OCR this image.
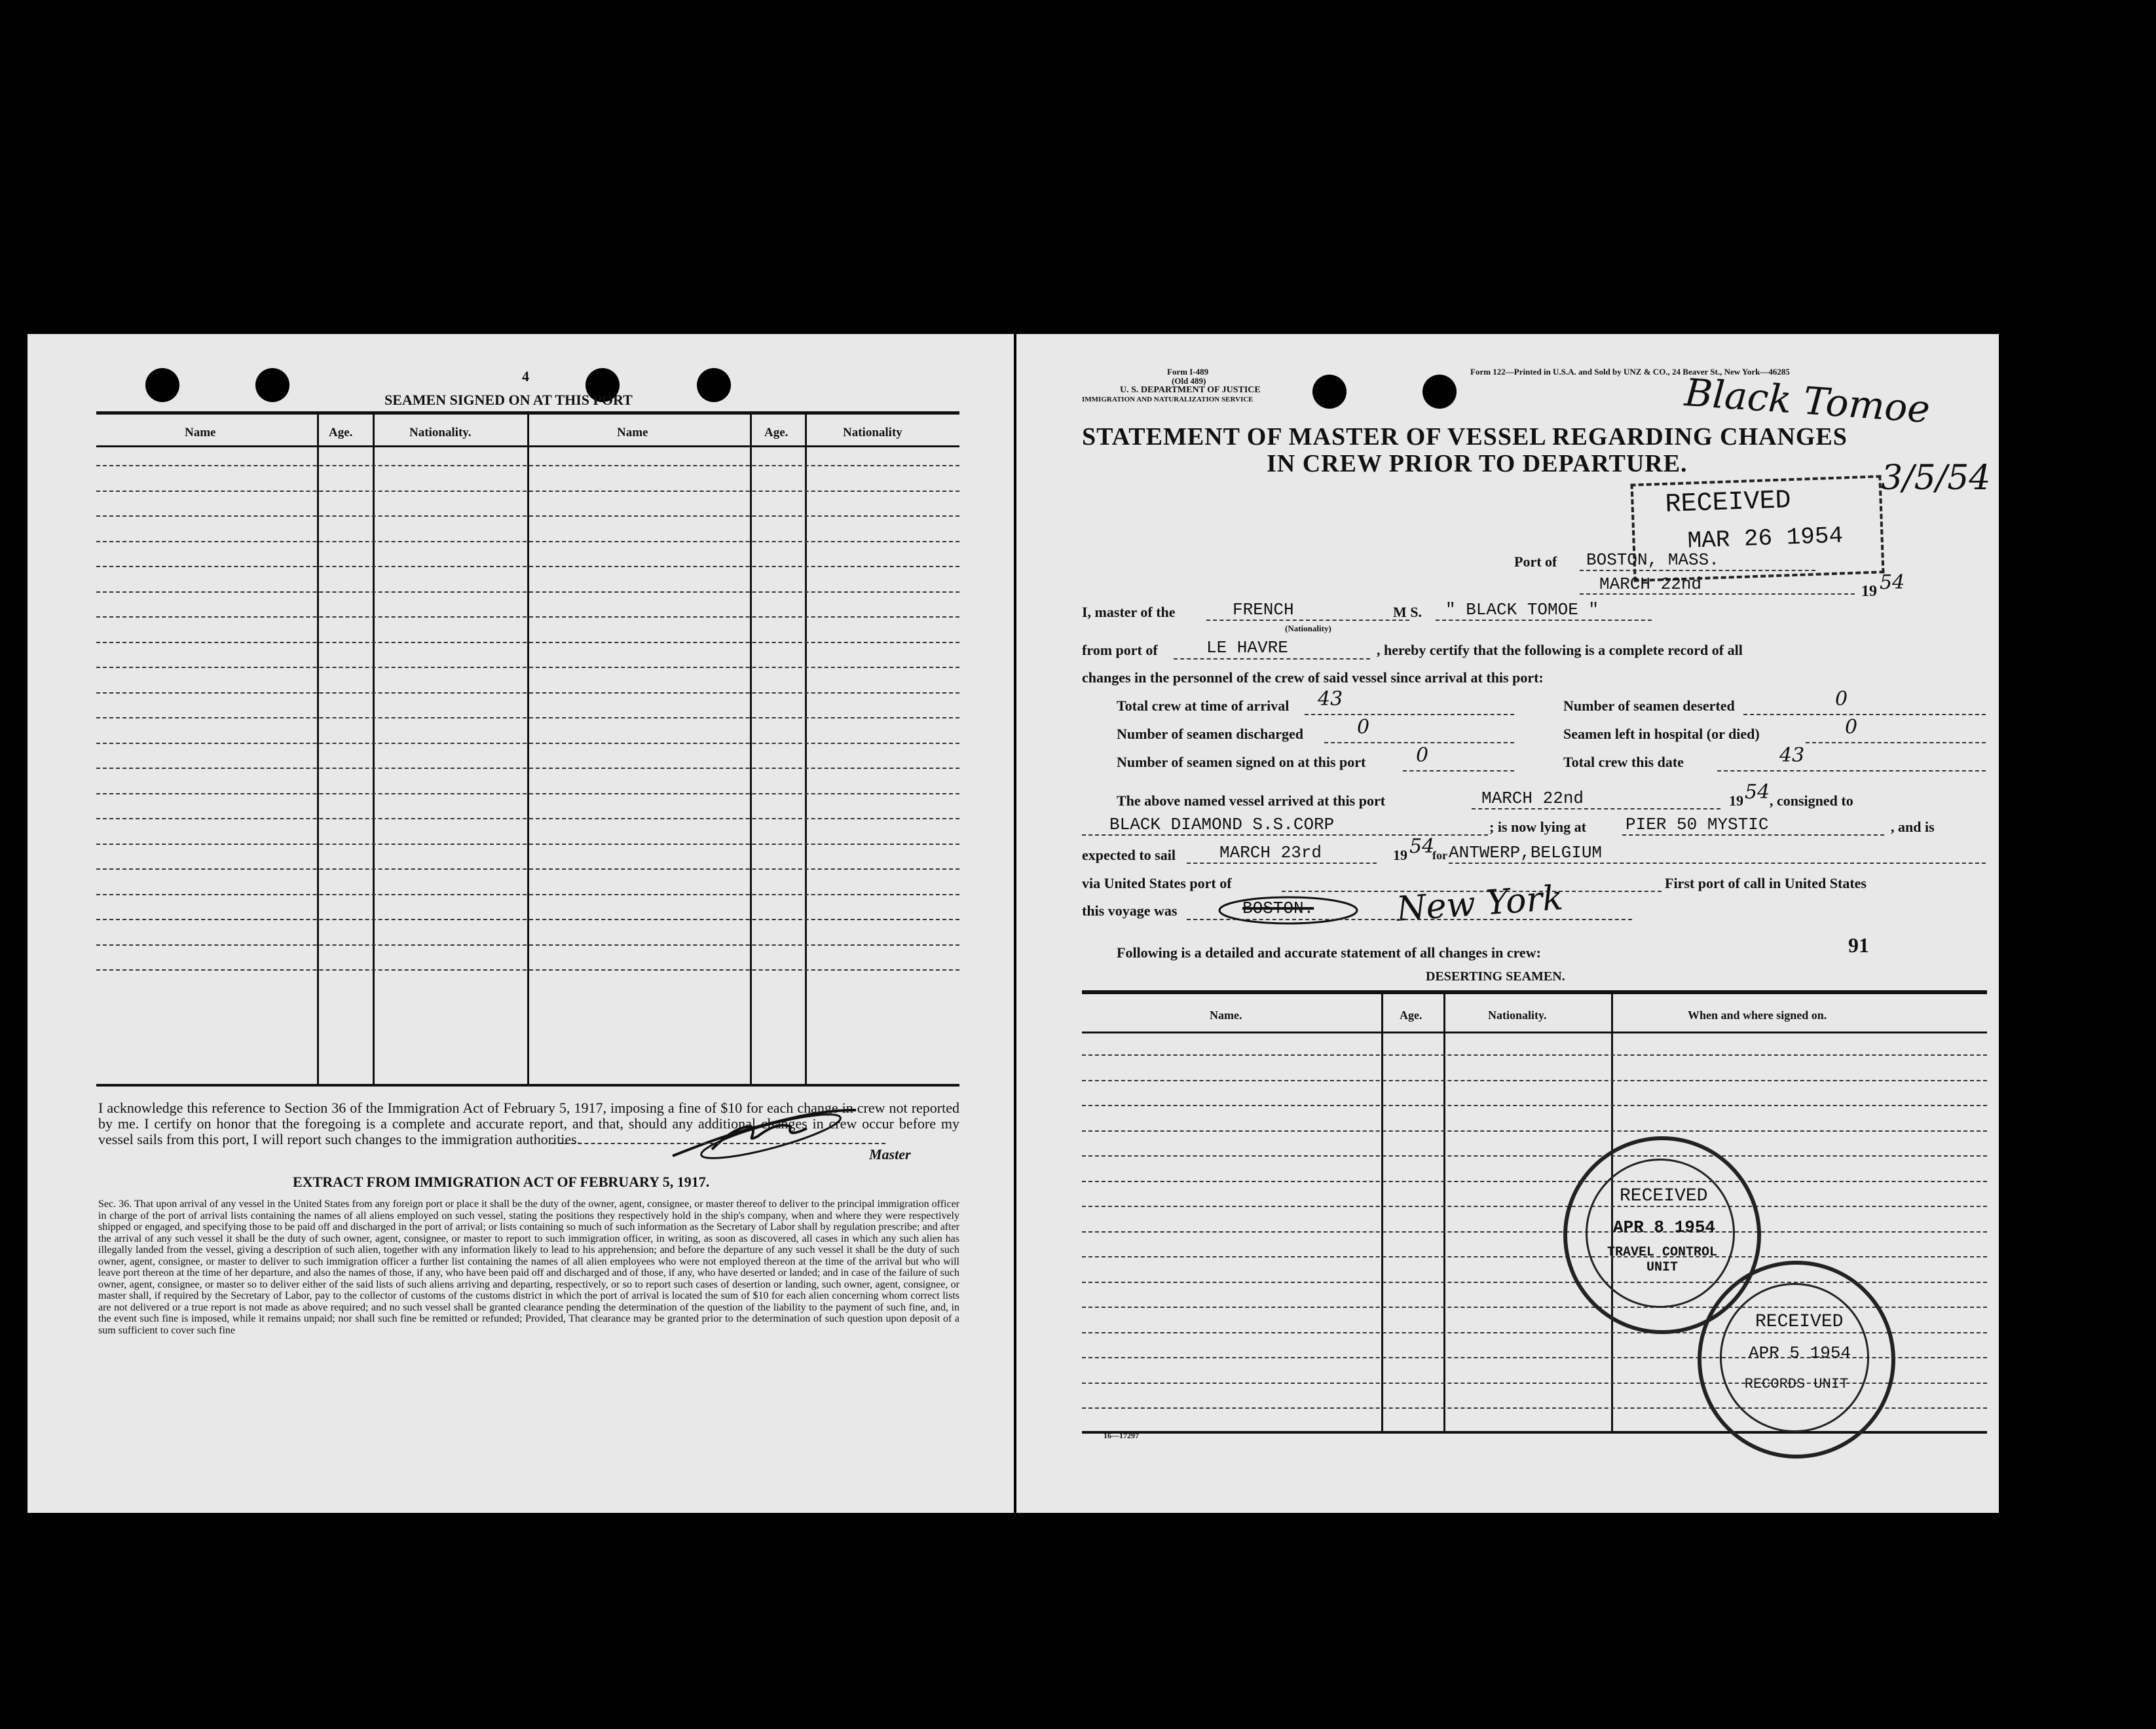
4
SEAMEN SIGNED ON AT THIS PORT
Name	Age.	Nationality.	Name	Age.	Nationality
I acknowledge this reference to Section 36 of the Immigration Act of February 5, 1917, imposing a fine of $10 for each change in crew not reported by me. I certify on honor that the foregoing is a complete and accurate report, and that, should any additional changes in crew occur before my vessel sails from this port, I will report such changes to the immigration authorities.
Master
EXTRACT FROM IMMIGRATION ACT OF FEBRUARY 5, 1917.
Sec. 36. That upon arrival of any vessel in the United States from any foreign port or place it shall be the duty of the owner, agent, consignee, or master thereof to deliver to the principal immigration officer in charge of the port of arrival lists containing the names of all aliens employed on such vessel, stating the positions they respectively hold in the ship's company, when and where they were respectively shipped or engaged, and specifying those to be paid off and discharged in the port of arrival; or lists containing so much of such information as the Secretary of Labor shall by regulation prescribe; and after the arrival of any such vessel it shall be the duty of such owner, agent, consignee, or master to report to such immigration officer, in writing, as soon as discovered, all cases in which any such alien has illegally landed from the vessel, giving a description of such alien, together with any information likely to lead to his apprehension; and before the departure of any such vessel it shall be the duty of such owner, agent, consignee, or master to deliver to such immigration officer a further list containing the names of all alien employees who were not employed thereon at the time of the arrival but who will leave port thereon at the time of her departure, and also the names of those, if any, who have been paid off and discharged and of those, if any, who have deserted or landed; and in case of the failure of such owner, agent, consignee, or master so to deliver either of the said lists of such aliens arriving and departing, respectively, or so to report such cases of desertion or landing, such owner, agent, consignee, or master shall, if required by the Secretary of Labor, pay to the collector of customs of the customs district in which the port of arrival is located the sum of $10 for each alien concerning whom correct lists are not delivered or a true report is not made as above required; and no such vessel shall be granted clearance pending the determination of the question of the liability to the payment of such fine, and, in the event such fine is imposed, while it remains unpaid; nor shall such fine be remitted or refunded; Provided, That clearance may be granted prior to the determination of such question upon deposit of a sum sufficient to cover such fine
Form I-489
(Old 489)
U. S. DEPARTMENT OF JUSTICE
IMMIGRATION AND NATURALIZATION SERVICE
Form 122—Printed in U.S.A. and Sold by UNZ & CO., 24 Beaver St., New York—46285
Black Tomoe
3/5/54
STATEMENT OF MASTER OF VESSEL REGARDING CHANGES
IN CREW PRIOR TO DEPARTURE.
RECEIVED
MAR 26 1954
Port of BOSTON, MASS.
MARCH 22nd	19 54
I, master of the	FRENCH
(Nationality)
M S. " BLACK TOMOE "
from port of	LE HAVRE	, hereby certify that the following is a complete record of all
changes in the personnel of the crew of said vessel since arrival at this port:
Total crew at time of arrival 43	Number of seamen deserted	0
Number of seamen discharged	0	Seamen left in hospital (or died)	0
Number of seamen signed on at this port	0	Total crew this date	43
The above named vessel arrived at this port	MARCH 22nd	19 54 , consigned to
BLACK DIAMOND S.S.CORP	; is now lying at PIER 50 MYSTIC	, and is
expected to sail	MARCH 23rd	19 54
for ANTWERP,BELGIUM
via United States port of	First port of call in United States
this voyage was	BOSTON. New York
Following is a detailed and accurate statement of all changes in crew:	91
DESERTING SEAMEN.
Name.	Age.	Nationality.	When and where signed on.
16—17297
RECEIVED
APR 8 1954
TRAVEL CONTROL UNIT
RECEIVED
APR 5 1954
RECORDS UNIT
